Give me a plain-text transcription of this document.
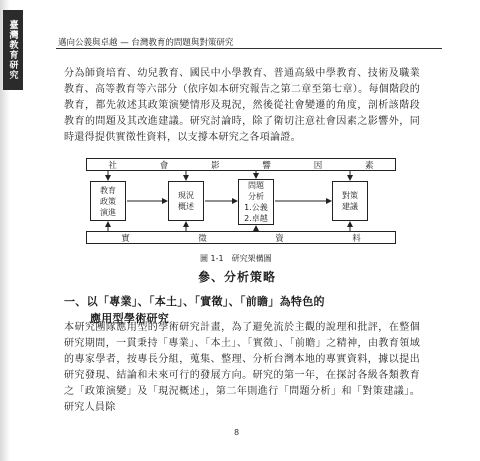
臺灣教育研究	邁向公義與卓越 — 台灣教育的問題與對策研究
分為師資培育、幼兒教育、國民中小學教育、普通高級中學教育、技術及職業教育、高等教育等六部分（依序如本研究報告之第二章至第七章）。每個階段的教育，都先敘述其政策演變情形及現況，然後從社會變遷的角度，剖析該階段教育的問題及其改進建議。研究討論時，除了衛切注意社會因素之影響外，同時還得提供實徵性資料，以支撐本研究之各項論證。
社	會	影	響	因	素
教育
政策
演進
現況
概述
問題
分析
1.公義
2.卓越
對策
建議
實	徵	資	料
圖 1-1　研究架構圖
參、分析策略
一、以「專業」、「本土」、「實徵」、「前瞻」為特色的
應用型學術研究
本研究團隊應用型的學術研究計畫，為了避免流於主觀的說理和批評，在整個研究期間，一貫秉持「專業」、「本土」、「實徵」、「前瞻」之精神，由教育領域的專家學者，按專長分組，蒐集、整理、分析台灣本地的專實資料，據以提出研究發現、結論和未來可行的發展方向。研究的第一年，在探討各級各類教育之「政策演變」及「現況概述」，第二年則進行「問題分析」和「對策建議」。研究人員除
8
